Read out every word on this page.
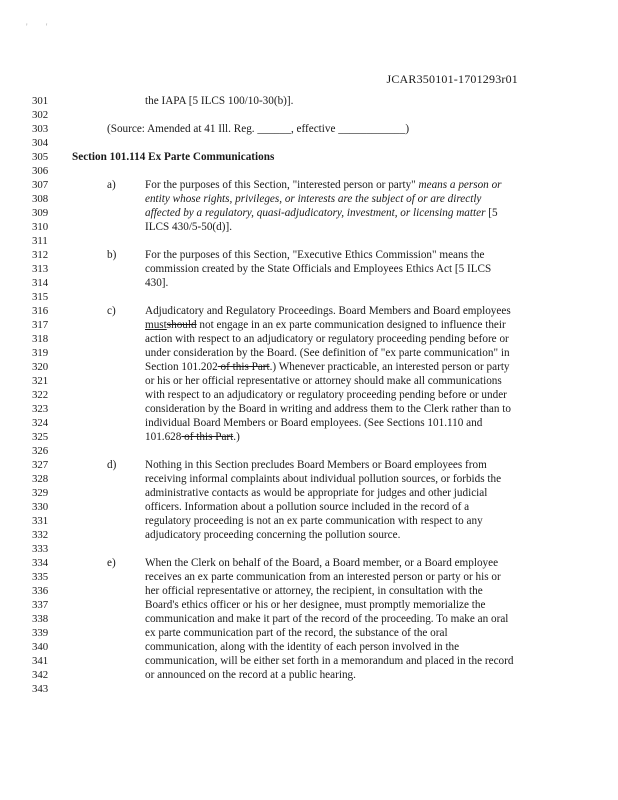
' '
JCAR350101-1701293r01
301	the IAPA [5 ILCS 100/10-30(b)].
302
303	(Source: Amended at 41 Ill. Reg. ______, effective ____________)
304
305	Section 101.114 Ex Parte Communications
306
307	a)	For the purposes of this Section, "interested person or party" means a person or
308	entity whose rights, privileges, or interests are the subject of or are directly
309	affected by a regulatory, quasi-adjudicatory, investment, or licensing matter [5
310	ILCS 430/5-50(d)].
311
312	b)	For the purposes of this Section, "Executive Ethics Commission" means the
313	commission created by the State Officials and Employees Ethics Act [5 ILCS
314	430].
315
316	c)	Adjudicatory and Regulatory Proceedings. Board Members and Board employees
317	mustshould not engage in an ex parte communication designed to influence their
318	action with respect to an adjudicatory or regulatory proceeding pending before or
319	under consideration by the Board. (See definition of "ex parte communication" in
320	Section 101.202 of this Part.) Whenever practicable, an interested person or party
321	or his or her official representative or attorney should make all communications
322	with respect to an adjudicatory or regulatory proceeding pending before or under
323	consideration by the Board in writing and address them to the Clerk rather than to
324	individual Board Members or Board employees. (See Sections 101.110 and
325	101.628 of this Part.)
326
327	d)	Nothing in this Section precludes Board Members or Board employees from
328	receiving informal complaints about individual pollution sources, or forbids the
329	administrative contacts as would be appropriate for judges and other judicial
330	officers. Information about a pollution source included in the record of a
331	regulatory proceeding is not an ex parte communication with respect to any
332	adjudicatory proceeding concerning the pollution source.
333
334	e)	When the Clerk on behalf of the Board, a Board member, or a Board employee
335	receives an ex parte communication from an interested person or party or his or
336	her official representative or attorney, the recipient, in consultation with the
337	Board's ethics officer or his or her designee, must promptly memorialize the
338	communication and make it part of the record of the proceeding. To make an oral
339	ex parte communication part of the record, the substance of the oral
340	communication, along with the identity of each person involved in the
341	communication, will be either set forth in a memorandum and placed in the record
342	or announced on the record at a public hearing.
343
